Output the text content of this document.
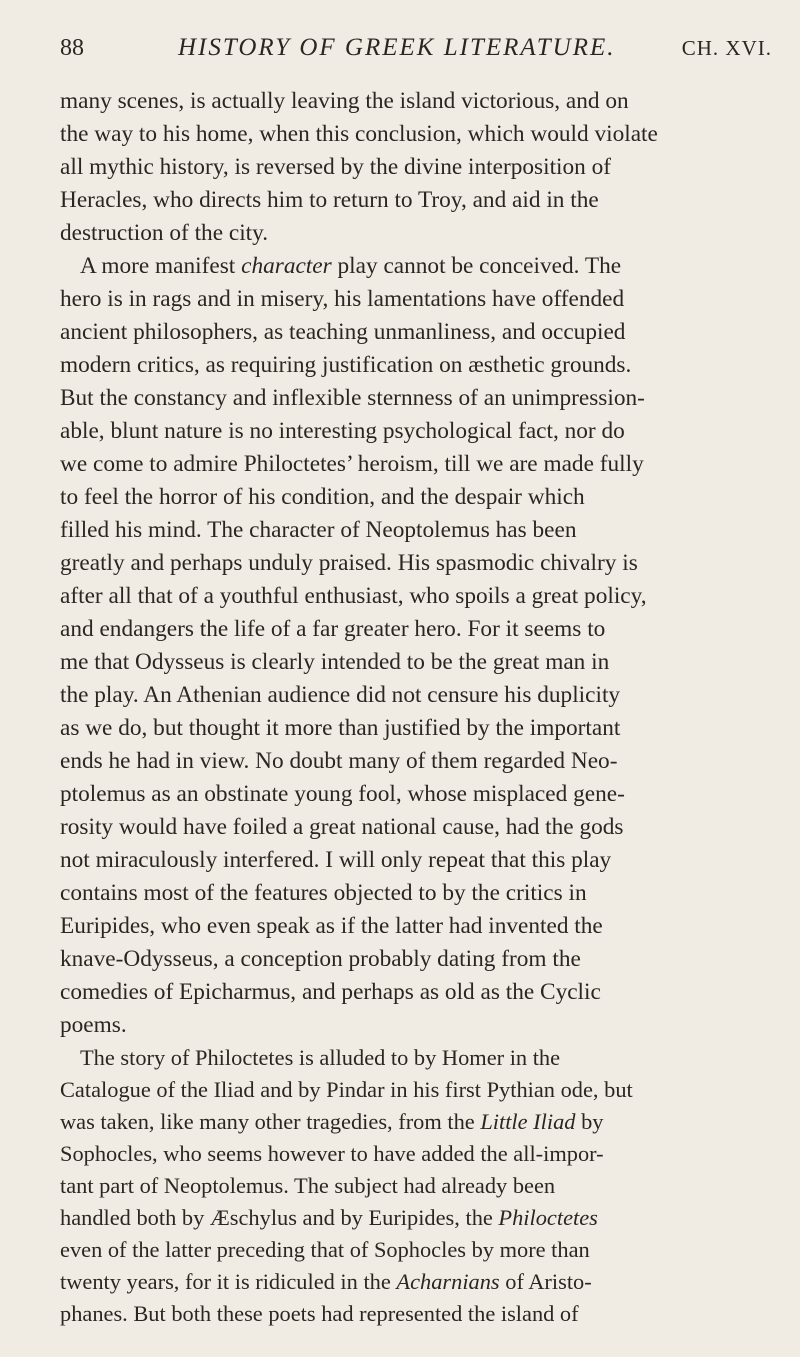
88	HISTORY OF GREEK LITERATURE.	CH. XVI.
many scenes, is actually leaving the island victorious, and on
the way to his home, when this conclusion, which would violate
all mythic history, is reversed by the divine interposition of
Heracles, who directs him to return to Troy, and aid in the
destruction of the city.
A more manifest character play cannot be conceived. The
hero is in rags and in misery, his lamentations have offended
ancient philosophers, as teaching unmanliness, and occupied
modern critics, as requiring justification on æsthetic grounds.
But the constancy and inflexible sternness of an unimpression-
able, blunt nature is no interesting psychological fact, nor do
we come to admire Philoctetes’ heroism, till we are made fully
to feel the horror of his condition, and the despair which
filled his mind. The character of Neoptolemus has been
greatly and perhaps unduly praised. His spasmodic chivalry is
after all that of a youthful enthusiast, who spoils a great policy,
and endangers the life of a far greater hero. For it seems to
me that Odysseus is clearly intended to be the great man in
the play. An Athenian audience did not censure his duplicity
as we do, but thought it more than justified by the important
ends he had in view. No doubt many of them regarded Neo-
ptolemus as an obstinate young fool, whose misplaced gene-
rosity would have foiled a great national cause, had the gods
not miraculously interfered. I will only repeat that this play
contains most of the features objected to by the critics in
Euripides, who even speak as if the latter had invented the
knave-Odysseus, a conception probably dating from the
comedies of Epicharmus, and perhaps as old as the Cyclic
poems.
The story of Philoctetes is alluded to by Homer in the
Catalogue of the Iliad and by Pindar in his first Pythian ode, but
was taken, like many other tragedies, from the Little Iliad by
Sophocles, who seems however to have added the all-impor-
tant part of Neoptolemus. The subject had already been
handled both by Æschylus and by Euripides, the Philoctetes
even of the latter preceding that of Sophocles by more than
twenty years, for it is ridiculed in the Acharnians of Aristo-
phanes. But both these poets had represented the island of
